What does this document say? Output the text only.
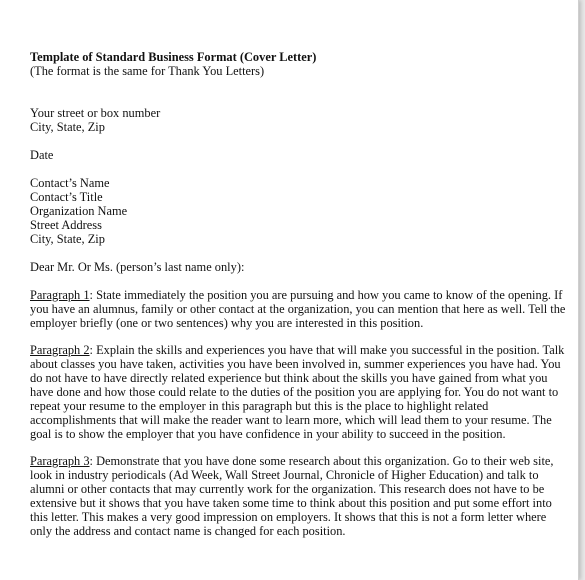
Template of Standard Business Format (Cover Letter)
(The format is the same for Thank You Letters)
Your street or box number
City, State, Zip
Date
Contact’s Name
Contact’s Title
Organization Name
Street Address
City, State, Zip
Dear Mr. Or Ms. (person’s last name only):
Paragraph 1: State immediately the position you are pursuing and how you came to know of the opening. If
you have an alumnus, family or other contact at the organization, you can mention that here as well. Tell the
employer briefly (one or two sentences) why you are interested in this position.
Paragraph 2: Explain the skills and experiences you have that will make you successful in the position. Talk
about classes you have taken, activities you have been involved in, summer experiences you have had. You
do not have to have directly related experience but think about the skills you have gained from what you
have done and how those could relate to the duties of the position you are applying for. You do not want to
repeat your resume to the employer in this paragraph but this is the place to highlight related
accomplishments that will make the reader want to learn more, which will lead them to your resume. The
goal is to show the employer that you have confidence in your ability to succeed in the position.
Paragraph 3: Demonstrate that you have done some research about this organization. Go to their web site,
look in industry periodicals (Ad Week, Wall Street Journal, Chronicle of Higher Education) and talk to
alumni or other contacts that may currently work for the organization. This research does not have to be
extensive but it shows that you have taken some time to think about this position and put some effort into
this letter. This makes a very good impression on employers. It shows that this is not a form letter where
only the address and contact name is changed for each position.
